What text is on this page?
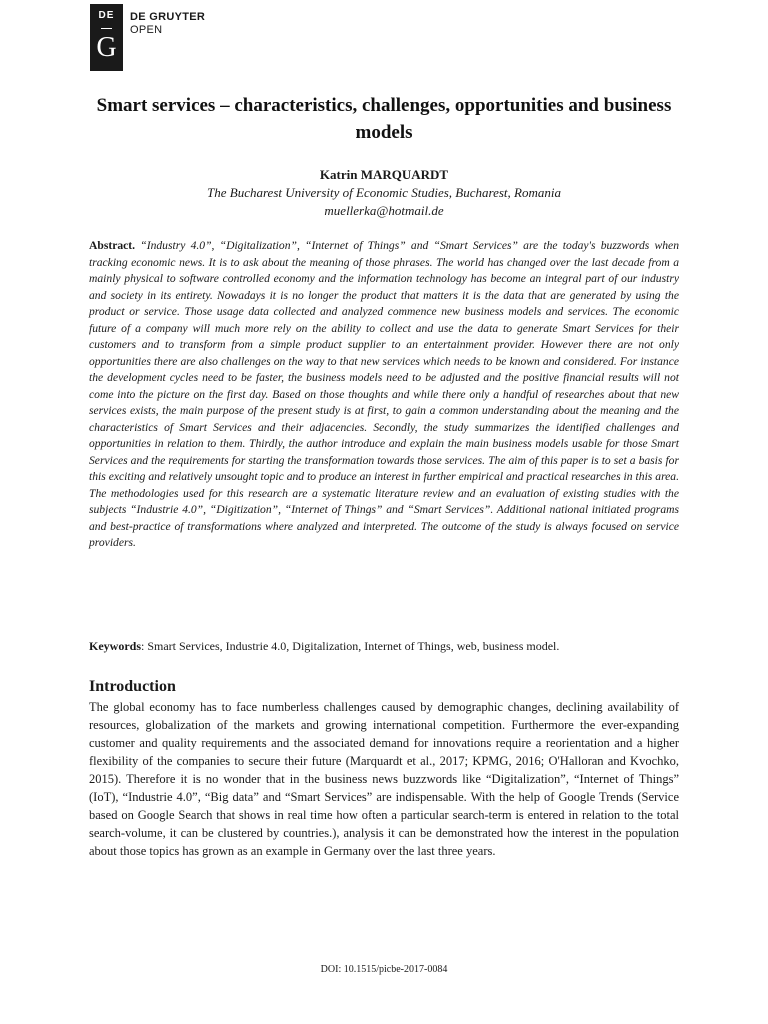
DE
G
DE GRUYTER
OPEN
Smart services – characteristics, challenges, opportunities and business models
Katrin MARQUARDT
The Bucharest University of Economic Studies, Bucharest, Romania
muellerka@hotmail.de
Abstract. “Industry 4.0”, “Digitalization”, “Internet of Things” and “Smart Services” are the today's buzzwords when tracking economic news. It is to ask about the meaning of those phrases. The world has changed over the last decade from a mainly physical to software controlled economy and the information technology has become an integral part of our industry and society in its entirety. Nowadays it is no longer the product that matters it is the data that are generated by using the product or service. Those usage data collected and analyzed commence new business models and services. The economic future of a company will much more rely on the ability to collect and use the data to generate Smart Services for their customers and to transform from a simple product supplier to an entertainment provider. However there are not only opportunities there are also challenges on the way to that new services which needs to be known and considered. For instance the development cycles need to be faster, the business models need to be adjusted and the positive financial results will not come into the picture on the first day. Based on those thoughts and while there only a handful of researches about that new services exists, the main purpose of the present study is at first, to gain a common understanding about the meaning and the characteristics of Smart Services and their adjacencies. Secondly, the study summarizes the identified challenges and opportunities in relation to them. Thirdly, the author introduce and explain the main business models usable for those Smart Services and the requirements for starting the transformation towards those services. The aim of this paper is to set a basis for this exciting and relatively unsought topic and to produce an interest in further empirical and practical researches in this area. The methodologies used for this research are a systematic literature review and an evaluation of existing studies with the subjects “Industrie 4.0”, “Digitization”, “Internet of Things” and “Smart Services”. Additional national initiated programs and best-practice of transformations where analyzed and interpreted. The outcome of the study is always focused on service providers.
Keywords: Smart Services, Industrie 4.0, Digitalization, Internet of Things, web, business model.
Introduction
The global economy has to face numberless challenges caused by demographic changes, declining availability of resources, globalization of the markets and growing international competition. Furthermore the ever-expanding customer and quality requirements and the associated demand for innovations require a reorientation and a higher flexibility of the companies to secure their future (Marquardt et al., 2017; KPMG, 2016; O'Halloran and Kvochko, 2015). Therefore it is no wonder that in the business news buzzwords like “Digitalization”, “Internet of Things” (IoT), “Industrie 4.0”, “Big data” and “Smart Services” are indispensable. With the help of Google Trends (Service based on Google Search that shows in real time how often a particular search-term is entered in relation to the total search-volume, it can be clustered by countries.), analysis it can be demonstrated how the interest in the population about those topics has grown as an example in Germany over the last three years.
DOI: 10.1515/picbe-2017-0084
